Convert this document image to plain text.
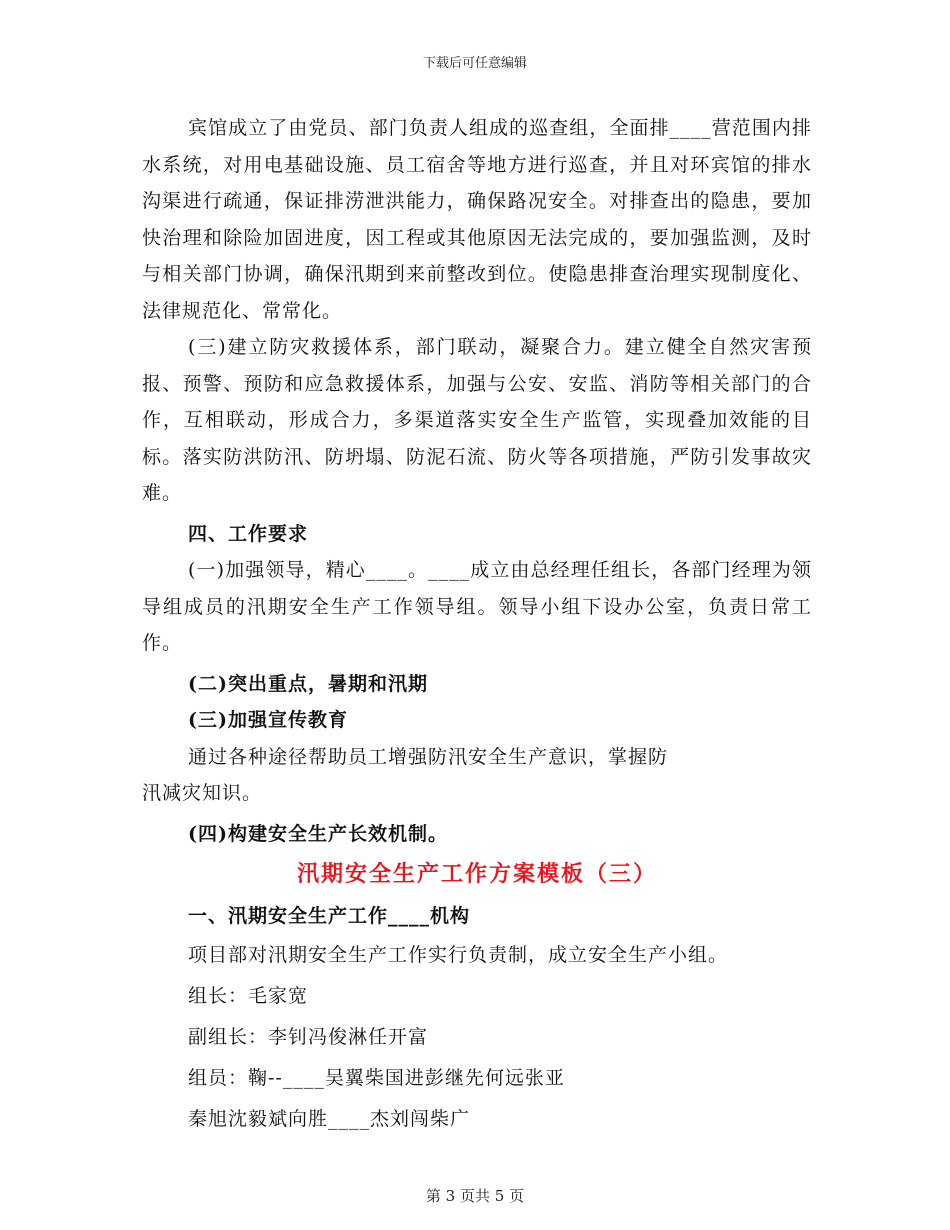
下载后可任意编辑

宾馆成立了由党员、部门负责人组成的巡查组，全面排____营范围内排水系统，对用电基础设施、员工宿舍等地方进行巡查，并且对环宾馆的排水沟渠进行疏通，保证排涝泄洪能力，确保路况安全。对排查出的隐患，要加快治理和除险加固进度，因工程或其他原因无法完成的，要加强监测，及时与相关部门协调，确保汛期到来前整改到位。使隐患排查治理实现制度化、法律规范化、常常化。

(三)建立防灾救援体系，部门联动，凝聚合力。建立健全自然灾害预报、预警、预防和应急救援体系，加强与公安、安监、消防等相关部门的合作，互相联动，形成合力，多渠道落实安全生产监管，实现叠加效能的目标。落实防洪防汛、防坍塌、防泥石流、防火等各项措施，严防引发事故灾难。

四、工作要求

(一)加强领导，精心____。____成立由总经理任组长，各部门经理为领导组成员的汛期安全生产工作领导组。领导小组下设办公室，负责日常工作。

(二)突出重点，暑期和汛期

(三)加强宣传教育

通过各种途径帮助员工增强防汛安全生产意识，掌握防

汛减灾知识。

(四)构建安全生产长效机制。

汛期安全生产工作方案模板（三）

一、汛期安全生产工作____机构

项目部对汛期安全生产工作实行负责制，成立安全生产小组。

组长：毛家宽

副组长：李钊冯俊淋任开富

组员：鞠--____吴翼柴国进彭继先何远张亚

秦旭沈毅斌向胜____杰刘闯柴广

第 3 页共 5 页
